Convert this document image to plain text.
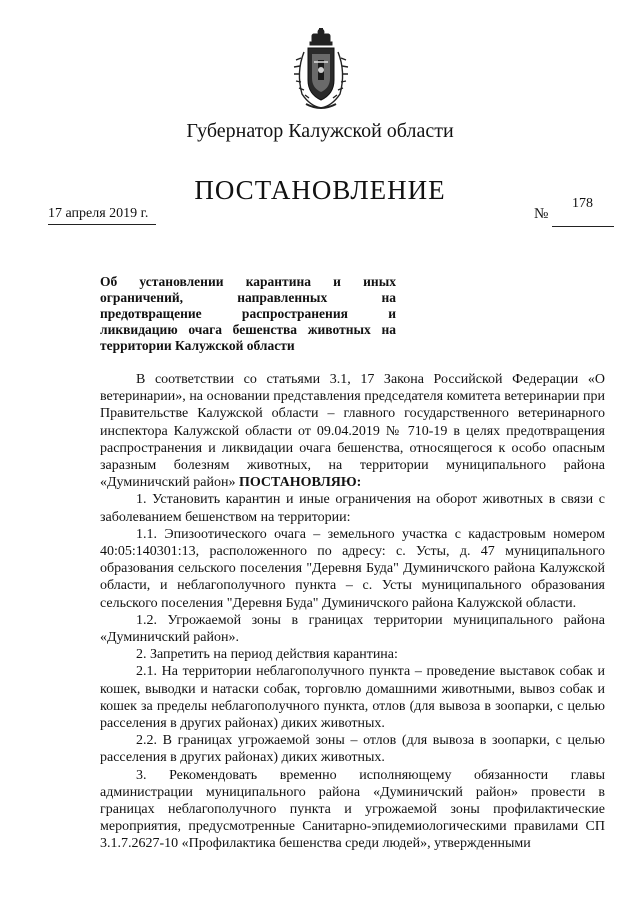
Губернатор Калужской области
ПОСТАНОВЛЕНИЕ
17 апреля 2019 г.	№
178
Об установлении карантина и иных ограничений, направленных на предотвращение распространения и ликвидацию очага бешенства животных на территории Калужской области

В соответствии со статьями 3.1, 17 Закона Российской Федерации «О ветеринарии», на основании представления председателя комитета ветеринарии при Правительстве Калужской области – главного государственного ветеринарного инспектора Калужской области от 09.04.2019 № 710-19 в целях предотвращения распространения и ликвидации очага бешенства, относящегося к особо опасным заразным болезням животных, на территории муниципального района «Думиничский район» ПОСТАНОВЛЯЮ:

1. Установить карантин и иные ограничения на оборот животных в связи с заболеванием бешенством на территории:

1.1. Эпизоотического очага – земельного участка с кадастровым номером 40:05:140301:13, расположенного по адресу: с. Усты, д. 47 муниципального образования сельского поселения "Деревня Буда" Думиничского района Калужской области, и неблагополучного пункта – с. Усты муниципального образования сельского поселения "Деревня Буда" Думиничского района Калужской области.

1.2. Угрожаемой зоны в границах территории муниципального района «Думиничский район».

2. Запретить на период действия карантина:

2.1. На территории неблагополучного пункта – проведение выставок собак и кошек, выводки и натаски собак, торговлю домашними животными, вывоз собак и кошек за пределы неблагополучного пункта, отлов (для вывоза в зоопарки, с целью расселения в других районах) диких животных.

2.2. В границах угрожаемой зоны – отлов (для вывоза в зоопарки, с целью расселения в других районах) диких животных.

3. Рекомендовать временно исполняющему обязанности главы администрации муниципального района «Думиничский район» провести в границах неблагополучного пункта и угрожаемой зоны профилактические мероприятия, предусмотренные Санитарно-эпидемиологическими правилами СП 3.1.7.2627-10 «Профилактика бешенства среди людей», утвержденными
